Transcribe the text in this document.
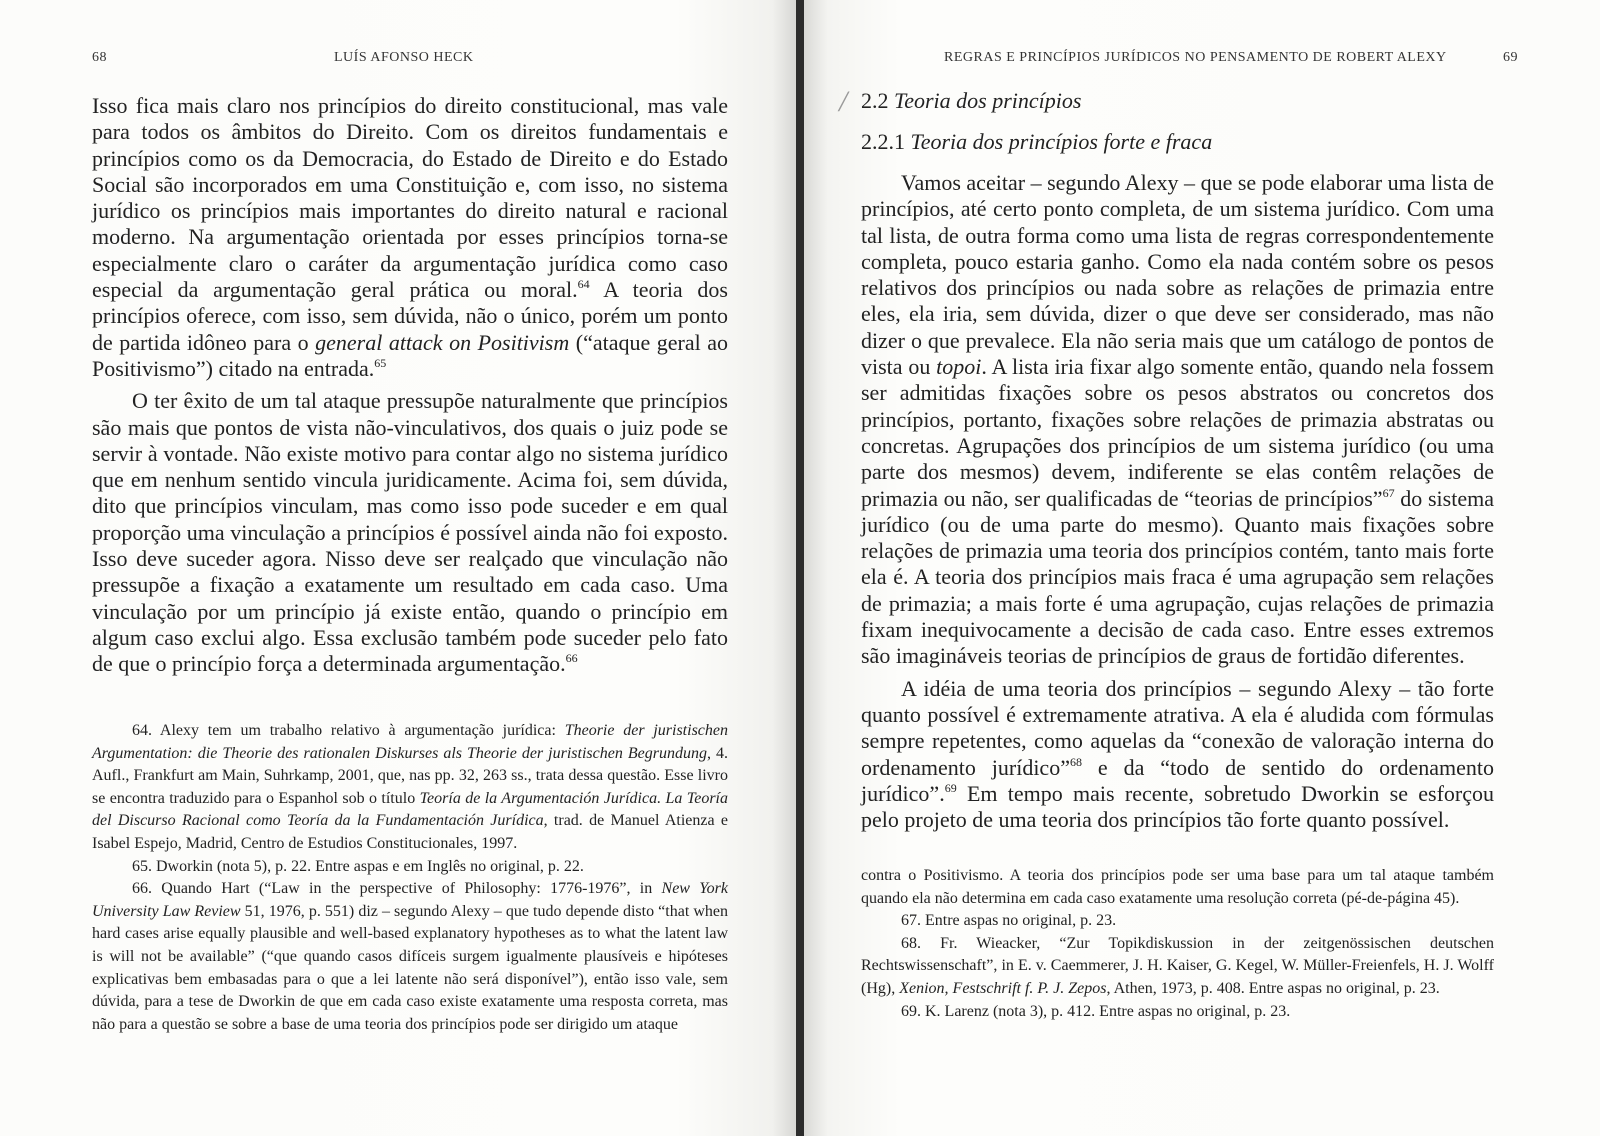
68	LUÍS AFONSO HECK

Isso fica mais claro nos princípios do direito constitucional, mas vale para todos os âmbitos do Direito. Com os direitos fundamentais e princípios como os da Democracia, do Estado de Direito e do Estado Social são incorporados em uma Constituição e, com isso, no sistema jurídico os princípios mais importantes do direito natural e racional moderno. Na argumentação orientada por esses princípios torna-se especialmente claro o caráter da argumentação jurídica como caso especial da argumentação geral prática ou moral.$^{64}$ A teoria dos princípios oferece, com isso, sem dúvida, não o único, porém um ponto de partida idôneo para o general attack on Positivism (“ataque geral ao Positivismo”) citado na entrada.$^{65}$

O ter êxito de um tal ataque pressupõe naturalmente que princípios são mais que pontos de vista não-vinculativos, dos quais o juiz pode se servir à vontade. Não existe motivo para contar algo no sistema jurídico que em nenhum sentido vincula juridicamente. Acima foi, sem dúvida, dito que princípios vinculam, mas como isso pode suceder e em qual proporção uma vinculação a princípios é possível ainda não foi exposto. Isso deve suceder agora. Nisso deve ser realçado que vinculação não pressupõe a fixação a exatamente um resultado em cada caso. Uma vinculação por um princípio já existe então, quando o princípio em algum caso exclui algo. Essa exclusão também pode suceder pelo fato de que o princípio força a determinada argumentação.$^{66}$

64. Alexy tem um trabalho relativo à argumentação jurídica: Theorie der juristischen Argumentation: die Theorie des rationalen Diskurses als Theorie der juristischen Begrundung, 4. Aufl., Frankfurt am Main, Suhrkamp, 2001, que, nas pp. 32, 263 ss., trata dessa questão. Esse livro se encontra traduzido para o Espanhol sob o título Teoría de la Argumentación Jurídica. La Teoría del Discurso Racional como Teoría da la Fundamentación Jurídica, trad. de Manuel Atienza e Isabel Espejo, Madrid, Centro de Estudios Constitucionales, 1997.

65. Dworkin (nota 5), p. 22. Entre aspas e em Inglês no original, p. 22.

66. Quando Hart (“Law in the perspective of Philosophy: 1776-1976”, in New York University Law Review 51, 1976, p. 551) diz – segundo Alexy – que tudo depende disto “that when hard cases arise equally plausible and well-based explanatory hypotheses as to what the latent law is will not be available” (“que quando casos difíceis surgem igualmente plausíveis e hipóteses explicativas bem embasadas para o que a lei latente não será disponível”), então isso vale, sem dúvida, para a tese de Dworkin de que em cada caso existe exatamente uma resposta correta, mas não para a questão se sobre a base de uma teoria dos princípios pode ser dirigido um ataque

REGRAS E PRINCÍPIOS JURÍDICOS NO PENSAMENTO DE ROBERT ALEXY	69
/ 2.2 Teoria dos princípios
2.2.1 Teoria dos princípios forte e fraca

Vamos aceitar – segundo Alexy – que se pode elaborar uma lista de princípios, até certo ponto completa, de um sistema jurídico. Com uma tal lista, de outra forma como uma lista de regras correspondentemente completa, pouco estaria ganho. Como ela nada contém sobre os pesos relativos dos princípios ou nada sobre as relações de primazia entre eles, ela iria, sem dúvida, dizer o que deve ser considerado, mas não dizer o que prevalece. Ela não seria mais que um catálogo de pontos de vista ou topoi. A lista iria fixar algo somente então, quando nela fossem ser admitidas fixações sobre os pesos abstratos ou concretos dos princípios, portanto, fixações sobre relações de primazia abstratas ou concretas. Agrupações dos princípios de um sistema jurídico (ou uma parte dos mesmos) devem, indiferente se elas contêm relações de primazia ou não, ser qualificadas de “teorias de princípios”$^{67}$ do sistema jurídico (ou de uma parte do mesmo). Quanto mais fixações sobre relações de primazia uma teoria dos princípios contém, tanto mais forte ela é. A teoria dos princípios mais fraca é uma agrupação sem relações de primazia; a mais forte é uma agrupação, cujas relações de primazia fixam inequivocamente a decisão de cada caso. Entre esses extremos são imagináveis teorias de princípios de graus de fortidão diferentes.

A idéia de uma teoria dos princípios – segundo Alexy – tão forte quanto possível é extremamente atrativa. A ela é aludida com fórmulas sempre repetentes, como aquelas da “conexão de valoração interna do ordenamento jurídico”$^{68}$ e da “todo de sentido do ordenamento jurídico”.$^{69}$ Em tempo mais recente, sobretudo Dworkin se esforçou pelo projeto de uma teoria dos princípios tão forte quanto possível.

contra o Positivismo. A teoria dos princípios pode ser uma base para um tal ataque também quando ela não determina em cada caso exatamente uma resolução correta (pé-de-página 45).

67. Entre aspas no original, p. 23.

68. Fr. Wieacker, “Zur Topikdiskussion in der zeitgenössischen deutschen Rechtswissenschaft”, in E. v. Caemmerer, J. H. Kaiser, G. Kegel, W. Müller-Freienfels, H. J. Wolff (Hg), Xenion, Festschrift f. P. J. Zepos, Athen, 1973, p. 408. Entre aspas no original, p. 23.

69. K. Larenz (nota 3), p. 412. Entre aspas no original, p. 23.
